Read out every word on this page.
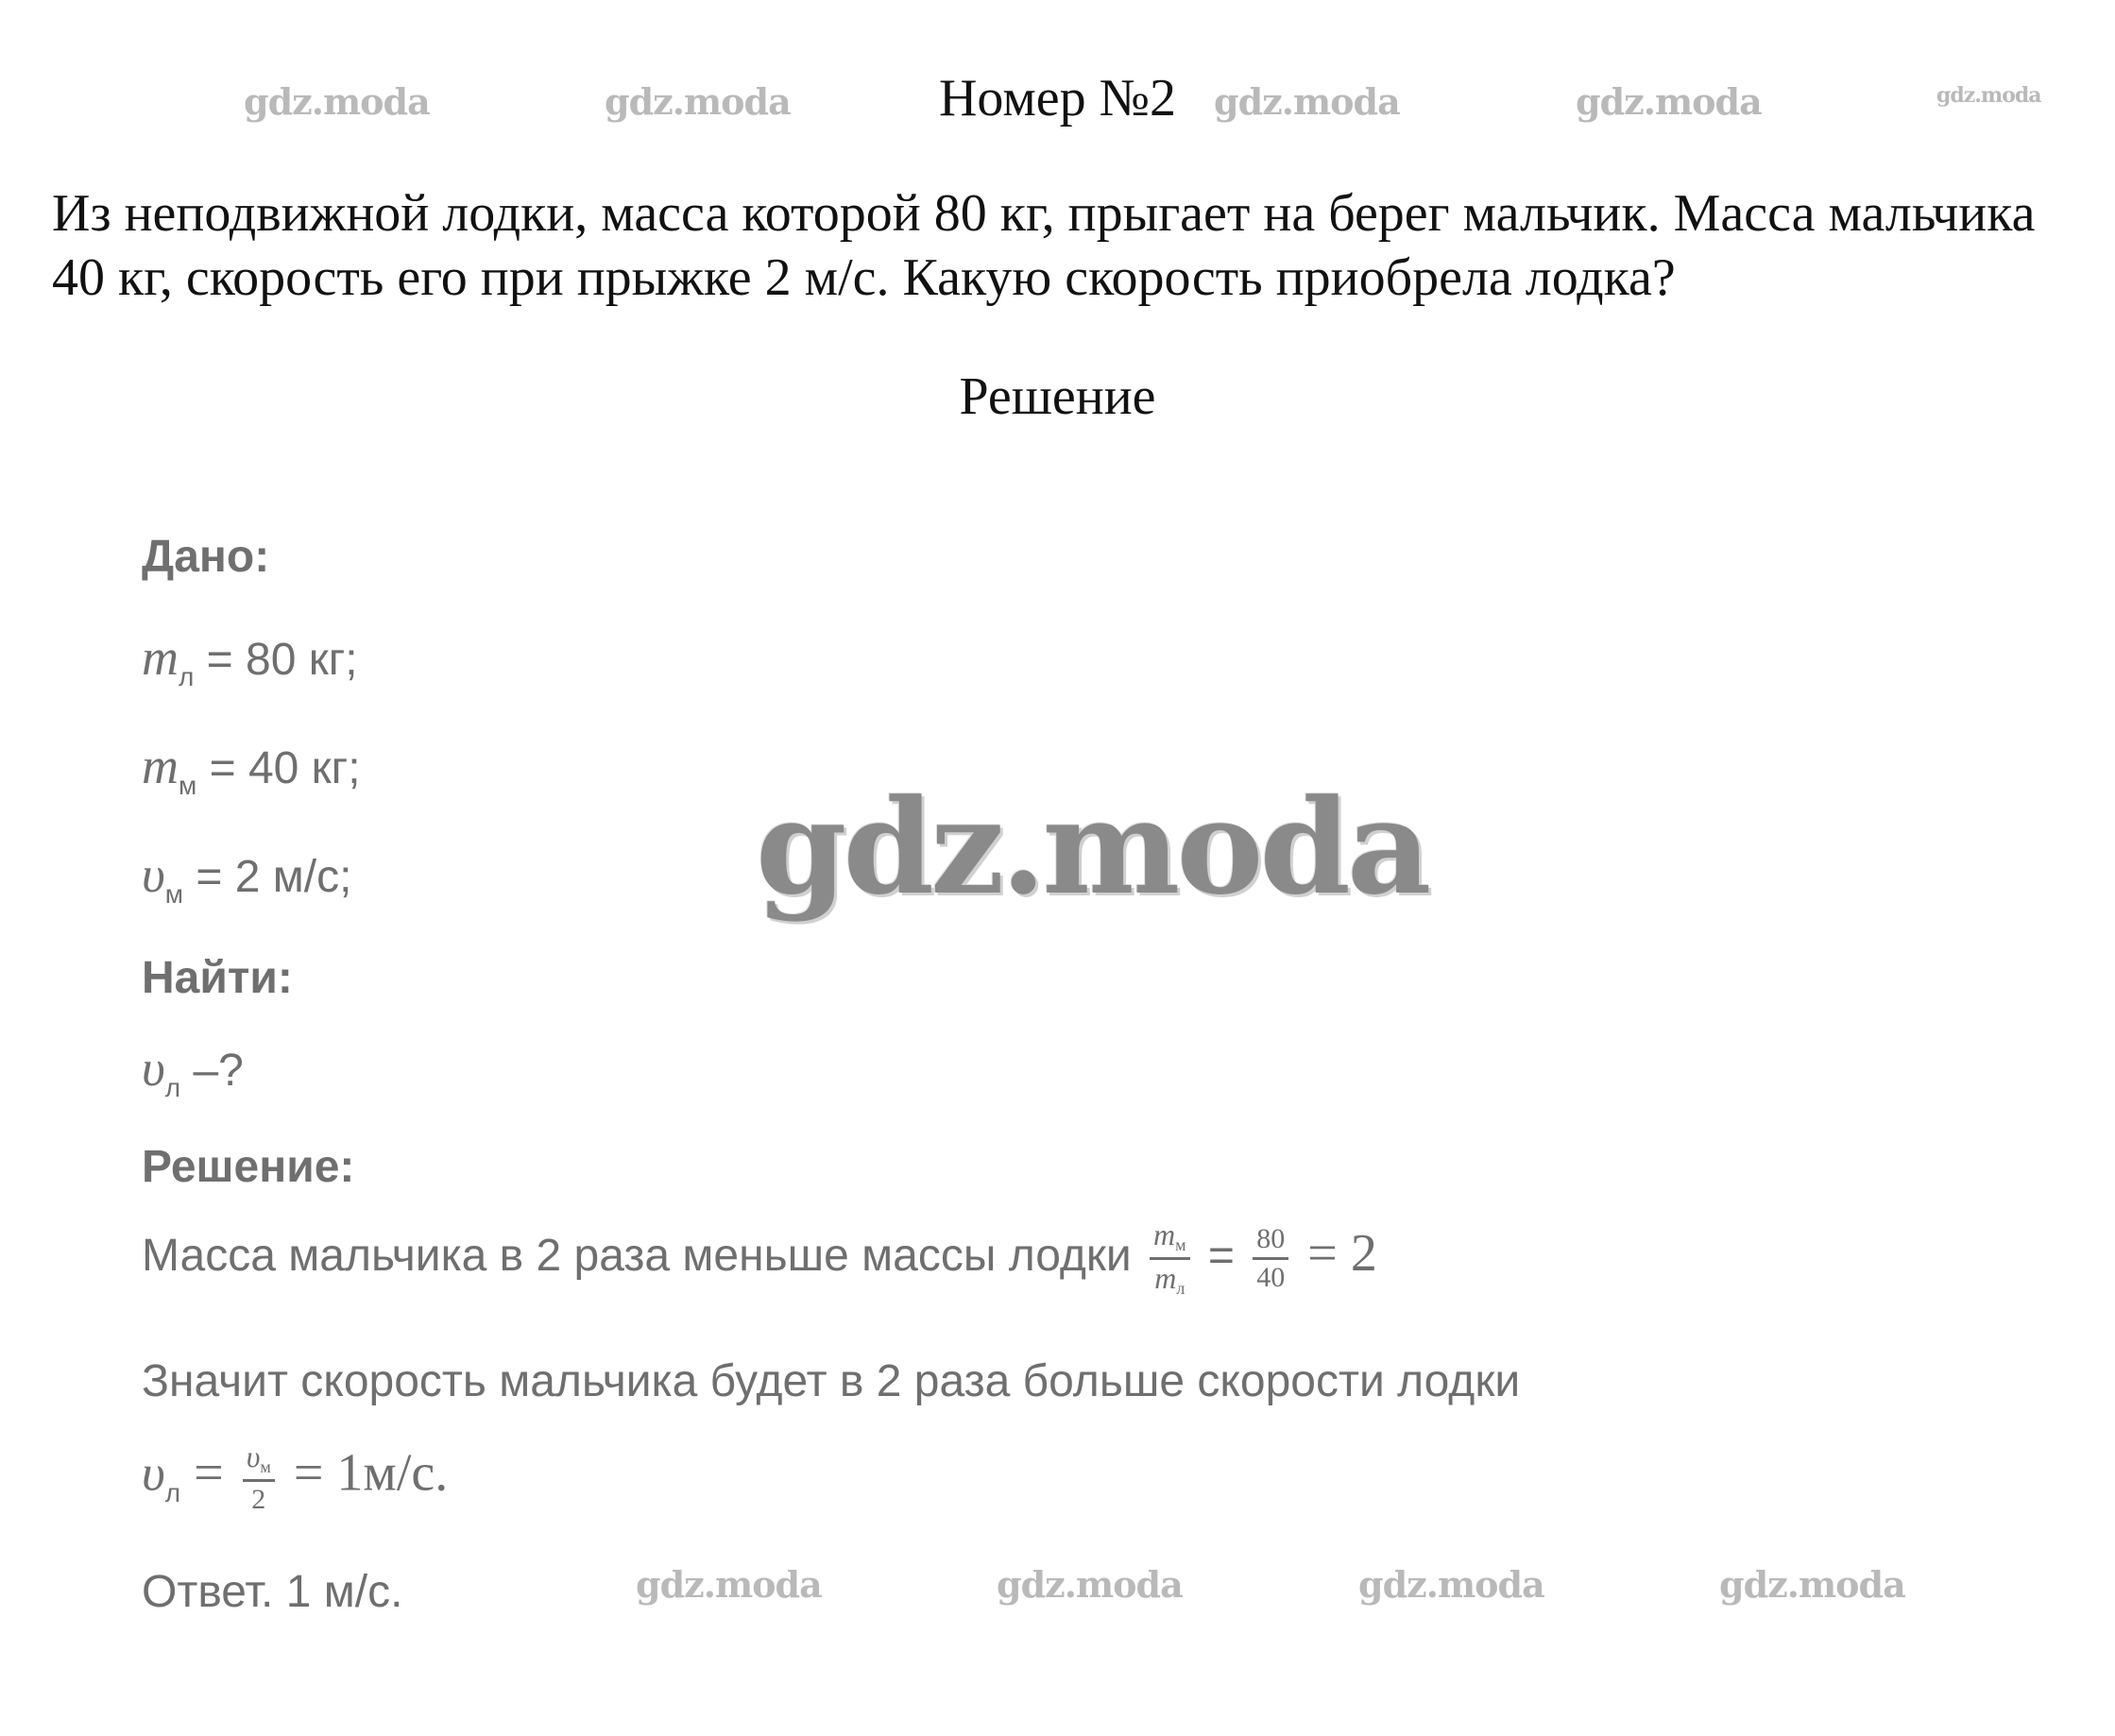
gdz.moda	gdz.moda	gdz.moda	gdz.moda	gdz.moda
Номер №2
Из неподвижной лодки, масса которой 80 кг, прыгает на берег мальчик. Масса мальчика 40 кг, скорость его при прыжке 2 м/с. Какую скорость приобрела лодка?
Решение
Дано:
$m_л = 80$ кг;
$m_м = 40$ кг;
$\upsilon_м = 2$ м/с;
Найти:
$\upsilon_л$ –?
Решение:
Масса мальчика в 2 раза меньше массы лодки $\frac{m_м}{m_л} = \frac{80}{40} = 2$
Значит скорость мальчика будет в 2 раза больше скорости лодки
$\upsilon_л = \frac{\upsilon_м}{2} = 1м/с$.
Ответ. 1 м/с.
gdz.moda
gdz.moda	gdz.moda	gdz.moda	gdz.moda
